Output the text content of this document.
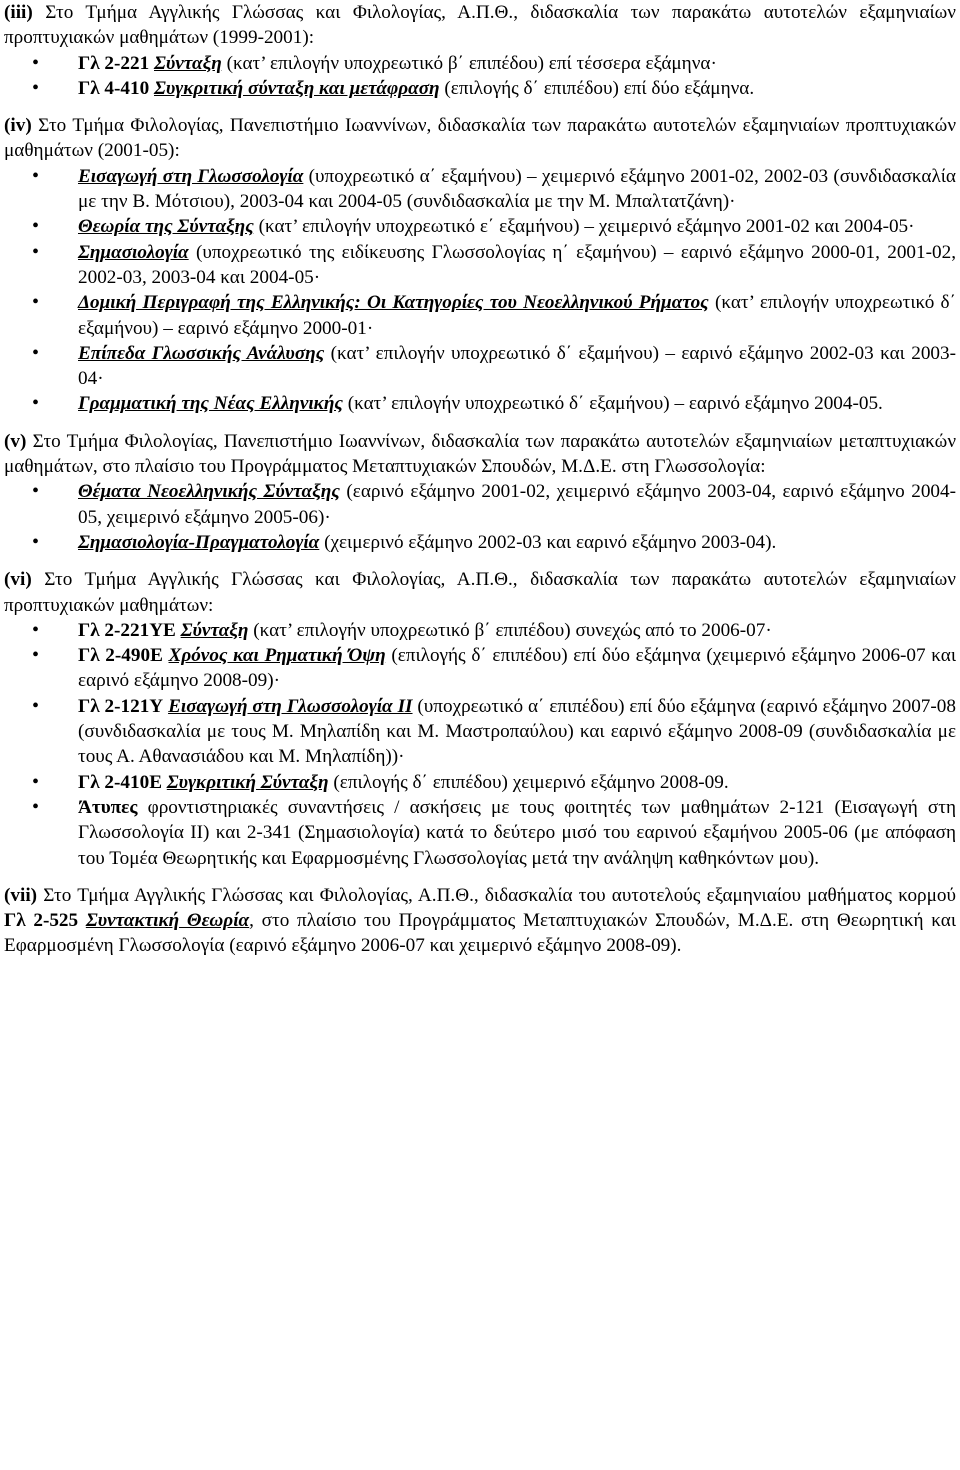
(iii) Στο Τμήμα Αγγλικής Γλώσσας και Φιλολογίας, Α.Π.Θ., διδασκαλία των παρακάτω αυτοτελών εξαμηνιαίων προπτυχιακών μαθημάτων (1999-2001):

• Γλ 2-221 Σύνταξη (κατ’ επιλογήν υποχρεωτικό β΄ επιπέδου) επί τέσσερα εξάμηνα·
• Γλ 4-410 Συγκριτική σύνταξη και μετάφραση (επιλογής δ΄ επιπέδου) επί δύο εξάμηνα.

(iv) Στο Τμήμα Φιλολογίας, Πανεπιστήμιο Ιωαννίνων, διδασκαλία των παρακάτω αυτοτελών εξαμηνιαίων προπτυχιακών μαθημάτων (2001-05):

• Εισαγωγή στη Γλωσσολογία (υποχρεωτικό α΄ εξαμήνου) – χειμερινό εξάμηνο 2001-02, 2002-03 (συνδιδασκαλία με την Β. Μότσιου), 2003-04 και 2004-05 (συνδιδασκαλία με την Μ. Μπαλτατζάνη)·
• Θεωρία της Σύνταξης (κατ’ επιλογήν υποχρεωτικό ε΄ εξαμήνου) – χειμερινό εξάμηνο 2001-02 και 2004-05·
• Σημασιολογία (υποχρεωτικό της ειδίκευσης Γλωσσολογίας η΄ εξαμήνου) – εαρινό εξάμηνο 2000-01, 2001-02, 2002-03, 2003-04 και 2004-05·
• Δομική Περιγραφή της Ελληνικής: Οι Κατηγορίες του Νεοελληνικού Ρήματος (κατ’ επιλογήν υποχρεωτικό δ΄ εξαμήνου) – εαρινό εξάμηνο 2000-01·
• Επίπεδα Γλωσσικής Ανάλυσης (κατ’ επιλογήν υποχρεωτικό δ΄ εξαμήνου) – εαρινό εξάμηνο 2002-03 και 2003-04·
• Γραμματική της Νέας Ελληνικής (κατ’ επιλογήν υποχρεωτικό δ΄ εξαμήνου) – εαρινό εξάμηνο 2004-05.

(v) Στο Τμήμα Φιλολογίας, Πανεπιστήμιο Ιωαννίνων, διδασκαλία των παρακάτω αυτοτελών εξαμηνιαίων μεταπτυχιακών μαθημάτων, στο πλαίσιο του Προγράμματος Μεταπτυχιακών Σπουδών, Μ.Δ.Ε. στη Γλωσσολογία:

• Θέματα Νεοελληνικής Σύνταξης (εαρινό εξάμηνο 2001-02, χειμερινό εξάμηνο 2003-04, εαρινό εξάμηνο 2004-05, χειμερινό εξάμηνο 2005-06)·
• Σημασιολογία-Πραγματολογία (χειμερινό εξάμηνο 2002-03 και εαρινό εξάμηνο 2003-04).

(vi) Στο Τμήμα Αγγλικής Γλώσσας και Φιλολογίας, Α.Π.Θ., διδασκαλία των παρακάτω αυτοτελών εξαμηνιαίων προπτυχιακών μαθημάτων:

• Γλ 2-221ΥΕ Σύνταξη (κατ’ επιλογήν υποχρεωτικό β΄ επιπέδου) συνεχώς από το 2006-07·
• Γλ 2-490Ε Χρόνος και Ρηματική Όψη (επιλογής δ΄ επιπέδου) επί δύο εξάμηνα (χειμερινό εξάμηνο 2006-07 και εαρινό εξάμηνο 2008-09)·
• Γλ 2-121Υ Εισαγωγή στη Γλωσσολογία ΙΙ (υποχρεωτικό α΄ επιπέδου) επί δύο εξάμηνα (εαρινό εξάμηνο 2007-08 (συνδιδασκαλία με τους Μ. Μηλαπίδη και Μ. Μαστροπαύλου) και εαρινό εξάμηνο 2008-09 (συνδιδασκαλία με τους Α. Αθανασιάδου και Μ. Μηλαπίδη))·
• Γλ 2-410Ε Συγκριτική Σύνταξη (επιλογής δ΄ επιπέδου) χειμερινό εξάμηνο 2008-09.
• Άτυπες φροντιστηριακές συναντήσεις / ασκήσεις με τους φοιτητές των μαθημάτων 2-121 (Εισαγωγή στη Γλωσσολογία ΙΙ) και 2-341 (Σημασιολογία) κατά το δεύτερο μισό του εαρινού εξαμήνου 2005-06 (με απόφαση του Τομέα Θεωρητικής και Εφαρμοσμένης Γλωσσολογίας μετά την ανάληψη καθηκόντων μου).

(vii) Στο Τμήμα Αγγλικής Γλώσσας και Φιλολογίας, Α.Π.Θ., διδασκαλία του αυτοτελούς εξαμηνιαίου μαθήματος κορμού Γλ 2-525 Συντακτική Θεωρία, στο πλαίσιο του Προγράμματος Μεταπτυχιακών Σπουδών, Μ.Δ.Ε. στη Θεωρητική και Εφαρμοσμένη Γλωσσολογία (εαρινό εξάμηνο 2006-07 και χειμερινό εξάμηνο 2008-09).
